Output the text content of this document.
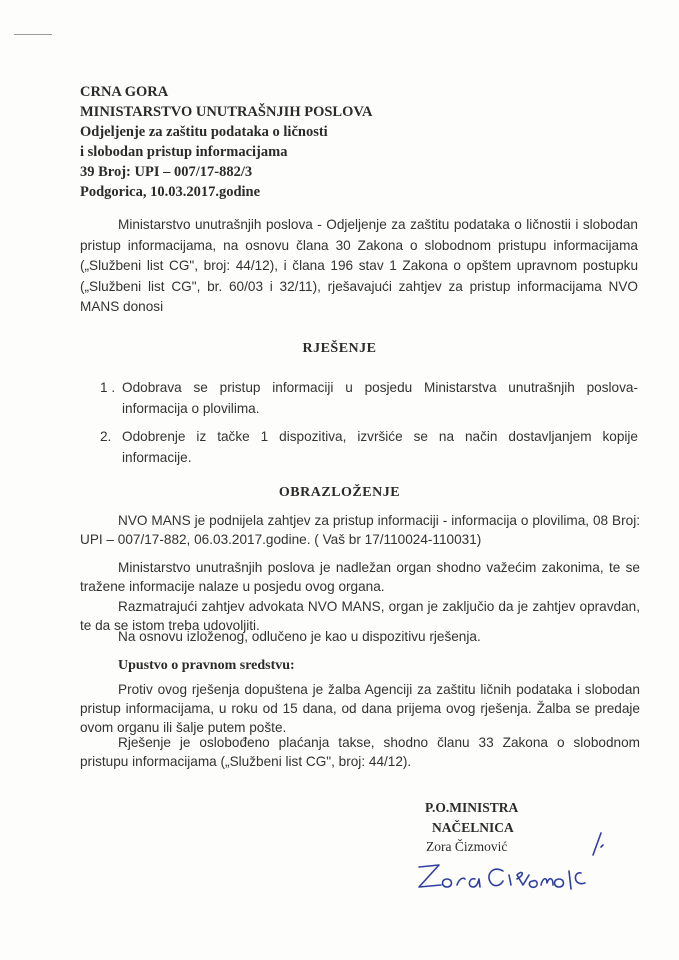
CRNA GORA
MINISTARSTVO UNUTRAŠNJIH POSLOVA
Odjeljenje za zaštitu podataka o ličnosti
i slobodan pristup informacijama
39 Broj: UPI – 007/17-882/3
Podgorica, 10.03.2017.godine
Ministarstvo unutrašnjih poslova - Odjeljenje za zaštitu podataka o ličnostii i slobodan pristup informacijama, na osnovu člana 30 Zakona o slobodnom pristupu informacijama („Službeni list CG", broj: 44/12), i člana 196 stav 1 Zakona o opštem upravnom postupku („Službeni list CG", br. 60/03 i 32/11), rješavajući zahtjev za pristup informacijama NVO MANS donosi
RJEŠENJE
1 . Odobrava se pristup informaciji u posjedu Ministarstva unutrašnjih poslova- informacija o plovilima.
2. Odobrenje iz tačke 1 dispozitiva, izvršiće se na način dostavljanjem kopije informacije.
OBRAZLOŽENJE
NVO MANS je podnijela zahtjev za pristup informaciji - informacija o plovilima, 08 Broj: UPI – 007/17-882, 06.03.2017.godine. ( Vaš br 17/110024-110031)
Ministarstvo unutrašnjih poslova je nadležan organ shodno važećim zakonima, te se tražene informacije nalaze u posjedu ovog organa.
Razmatrajući zahtjev advokata NVO MANS, organ je zaključio da je zahtjev opravdan, te da se istom treba udovoljiti.
Na osnovu izloženog, odlučeno je kao u dispozitivu rješenja.
Upustvo o pravnom sredstvu:
Protiv ovog rješenja dopuštena je žalba Agenciji za zaštitu ličnih podataka i slobodan pristup informacijama, u roku od 15 dana, od dana prijema ovog rješenja. Žalba se predaje ovom organu ili šalje putem pošte.
Rješenje je oslobođeno plaćanja takse, shodno članu 33 Zakona o slobodnom pristupu informacijama („Službeni list CG", broj: 44/12).
P.O.MINISTRA
NAČELNICA
Zora Čizmović
